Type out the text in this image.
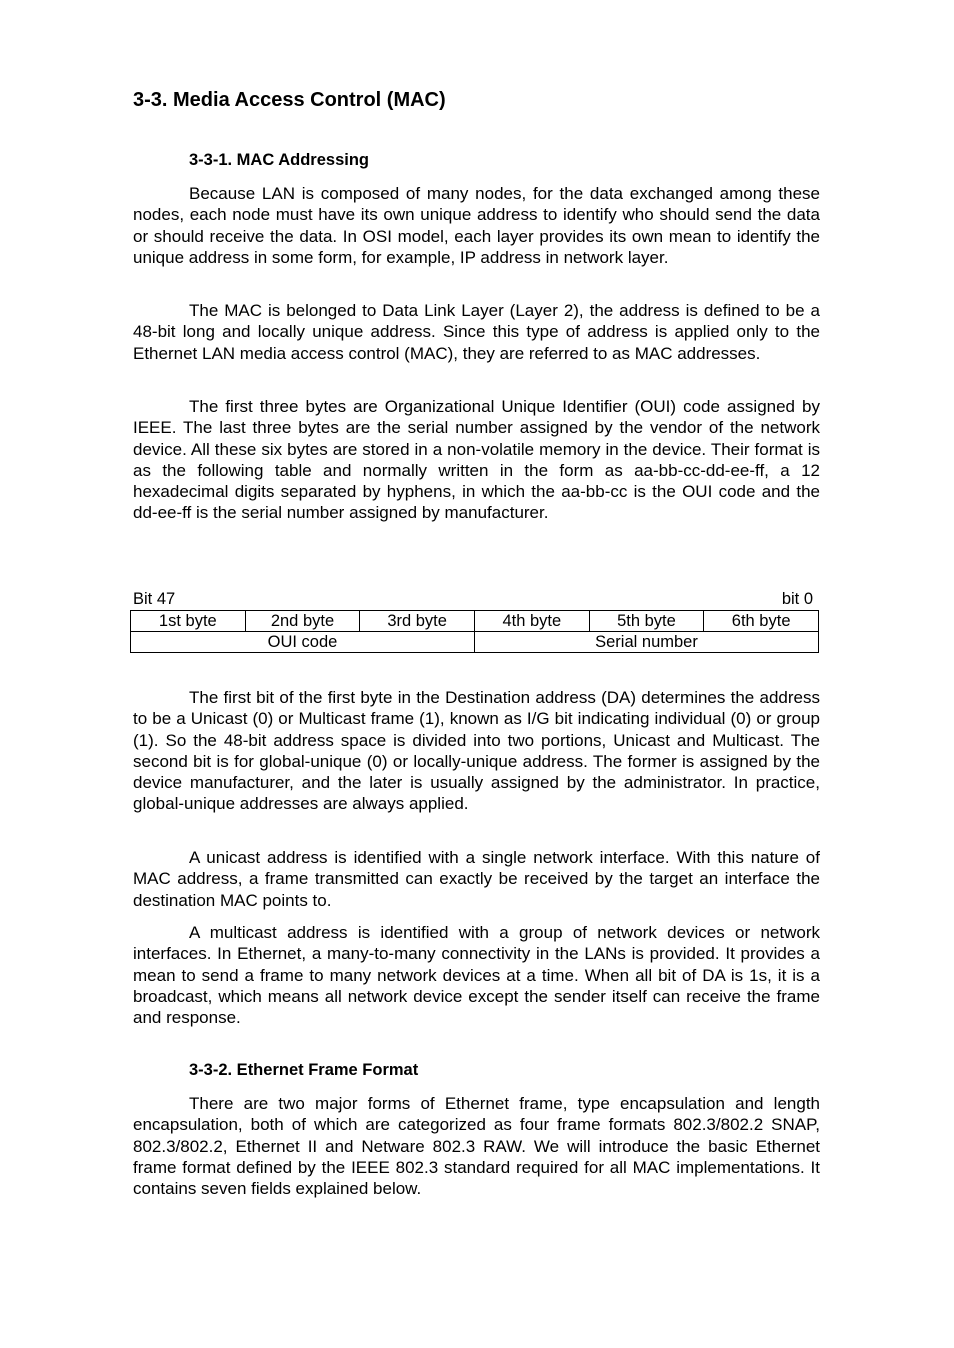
3-3. Media Access Control (MAC)
3-3-1. MAC Addressing

Because LAN is composed of many nodes, for the data exchanged among these nodes, each node must have its own unique address to identify who should send the data or should receive the data. In OSI model, each layer provides its own mean to identify the unique address in some form, for example, IP address in network layer.

The MAC is belonged to Data Link Layer (Layer 2), the address is defined to be a 48-bit long and locally unique address. Since this type of address is applied only to the Ethernet LAN media access control (MAC), they are referred to as MAC addresses.

The first three bytes are Organizational Unique Identifier (OUI) code assigned by IEEE. The last three bytes are the serial number assigned by the vendor of the network device. All these six bytes are stored in a non-volatile memory in the device. Their format is as the following table and normally written in the form as aa-bb-cc-dd-ee-ff, a 12 hexadecimal digits separated by hyphens, in which the aa-bb-cc is the OUI code and the dd-ee-ff is the serial number assigned by manufacturer.

Bit 47	bit 0
1st byte	2nd byte	3rd byte	4th byte	5th byte	6th byte
OUI code			Serial number		

The first bit of the first byte in the Destination address (DA) determines the address to be a Unicast (0) or Multicast frame (1), known as I/G bit indicating individual (0) or group (1). So the 48-bit address space is divided into two portions, Unicast and Multicast. The second bit is for global-unique (0) or locally-unique address. The former is assigned by the device manufacturer, and the later is usually assigned by the administrator. In practice, global-unique addresses are always applied.

A unicast address is identified with a single network interface. With this nature of MAC address, a frame transmitted can exactly be received by the target an interface the destination MAC points to.

A multicast address is identified with a group of network devices or network interfaces. In Ethernet, a many-to-many connectivity in the LANs is provided. It provides a mean to send a frame to many network devices at a time. When all bit of DA is 1s, it is a broadcast, which means all network device except the sender itself can receive the frame and response.

3-3-2. Ethernet Frame Format

There are two major forms of Ethernet frame, type encapsulation and length encapsulation, both of which are categorized as four frame formats 802.3/802.2 SNAP, 802.3/802.2, Ethernet II and Netware 802.3 RAW. We will introduce the basic Ethernet frame format defined by the IEEE 802.3 standard required for all MAC implementations. It contains seven fields explained below.
